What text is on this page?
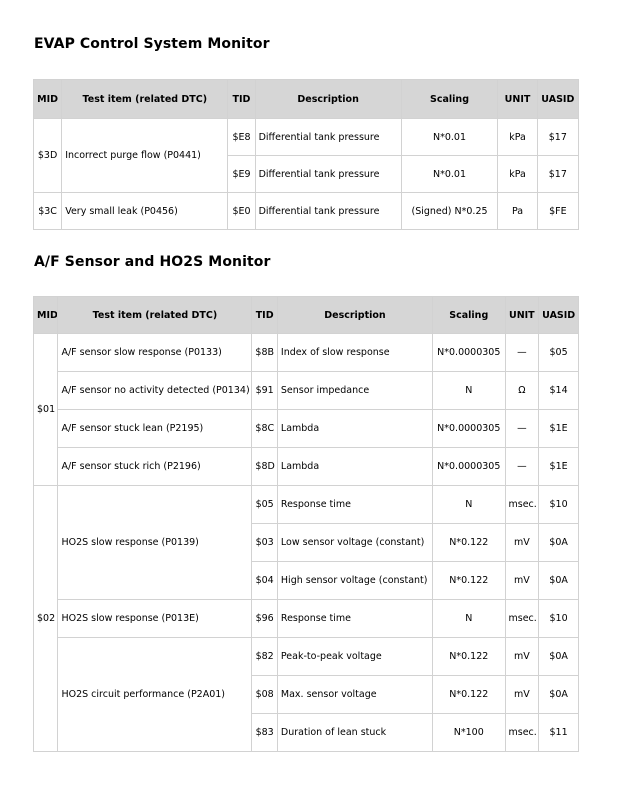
EVAP Control System Monitor
MID	Test item (related DTC)	TID	Description	Scaling	UNIT	UASID
$3D	Incorrect purge flow (P0441)	$E8	Differential tank pressure	N*0.01	kPa	$17
		$E9	Differential tank pressure	N*0.01	kPa	$17
$3C	Very small leak (P0456)	$E0	Differential tank pressure	(Signed) N*0.25	Pa	$FE
A/F Sensor and HO2S Monitor
MID	Test item (related DTC)	TID	Description	Scaling	UNIT	UASID
$01	A/F sensor slow response (P0133)	$8B	Index of slow response	N*0.0000305	—	$05
	A/F sensor no activity detected (P0134)	$91	Sensor impedance	N	Ω	$14
	A/F sensor stuck lean (P2195)	$8C	Lambda	N*0.0000305	—	$1E
	A/F sensor stuck rich (P2196)	$8D	Lambda	N*0.0000305	—	$1E
$02	HO2S slow response (P0139)	$05	Response time	N	msec.	$10
		$03	Low sensor voltage (constant)	N*0.122	mV	$0A
		$04	High sensor voltage (constant)	N*0.122	mV	$0A
	HO2S slow response (P013E)	$96	Response time	N	msec.	$10
	HO2S circuit performance (P2A01)	$82	Peak-to-peak voltage	N*0.122	mV	$0A
		$08	Max. sensor voltage	N*0.122	mV	$0A
		$83	Duration of lean stuck	N*100	msec.	$11
